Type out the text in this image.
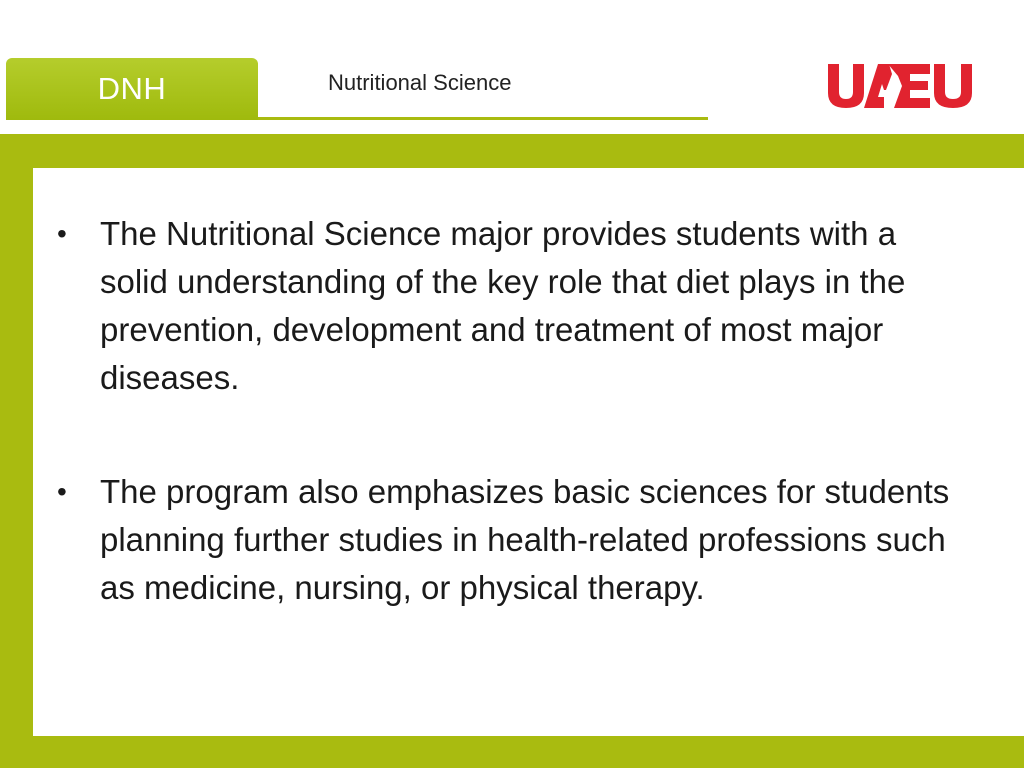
DNH	Nutritional Science
• The Nutritional Science major provides students with a solid understanding of the key role that diet plays in the prevention, development and treatment of most major diseases.
• The program also emphasizes basic sciences for students planning further studies in health-related professions such as medicine, nursing, or physical therapy.
